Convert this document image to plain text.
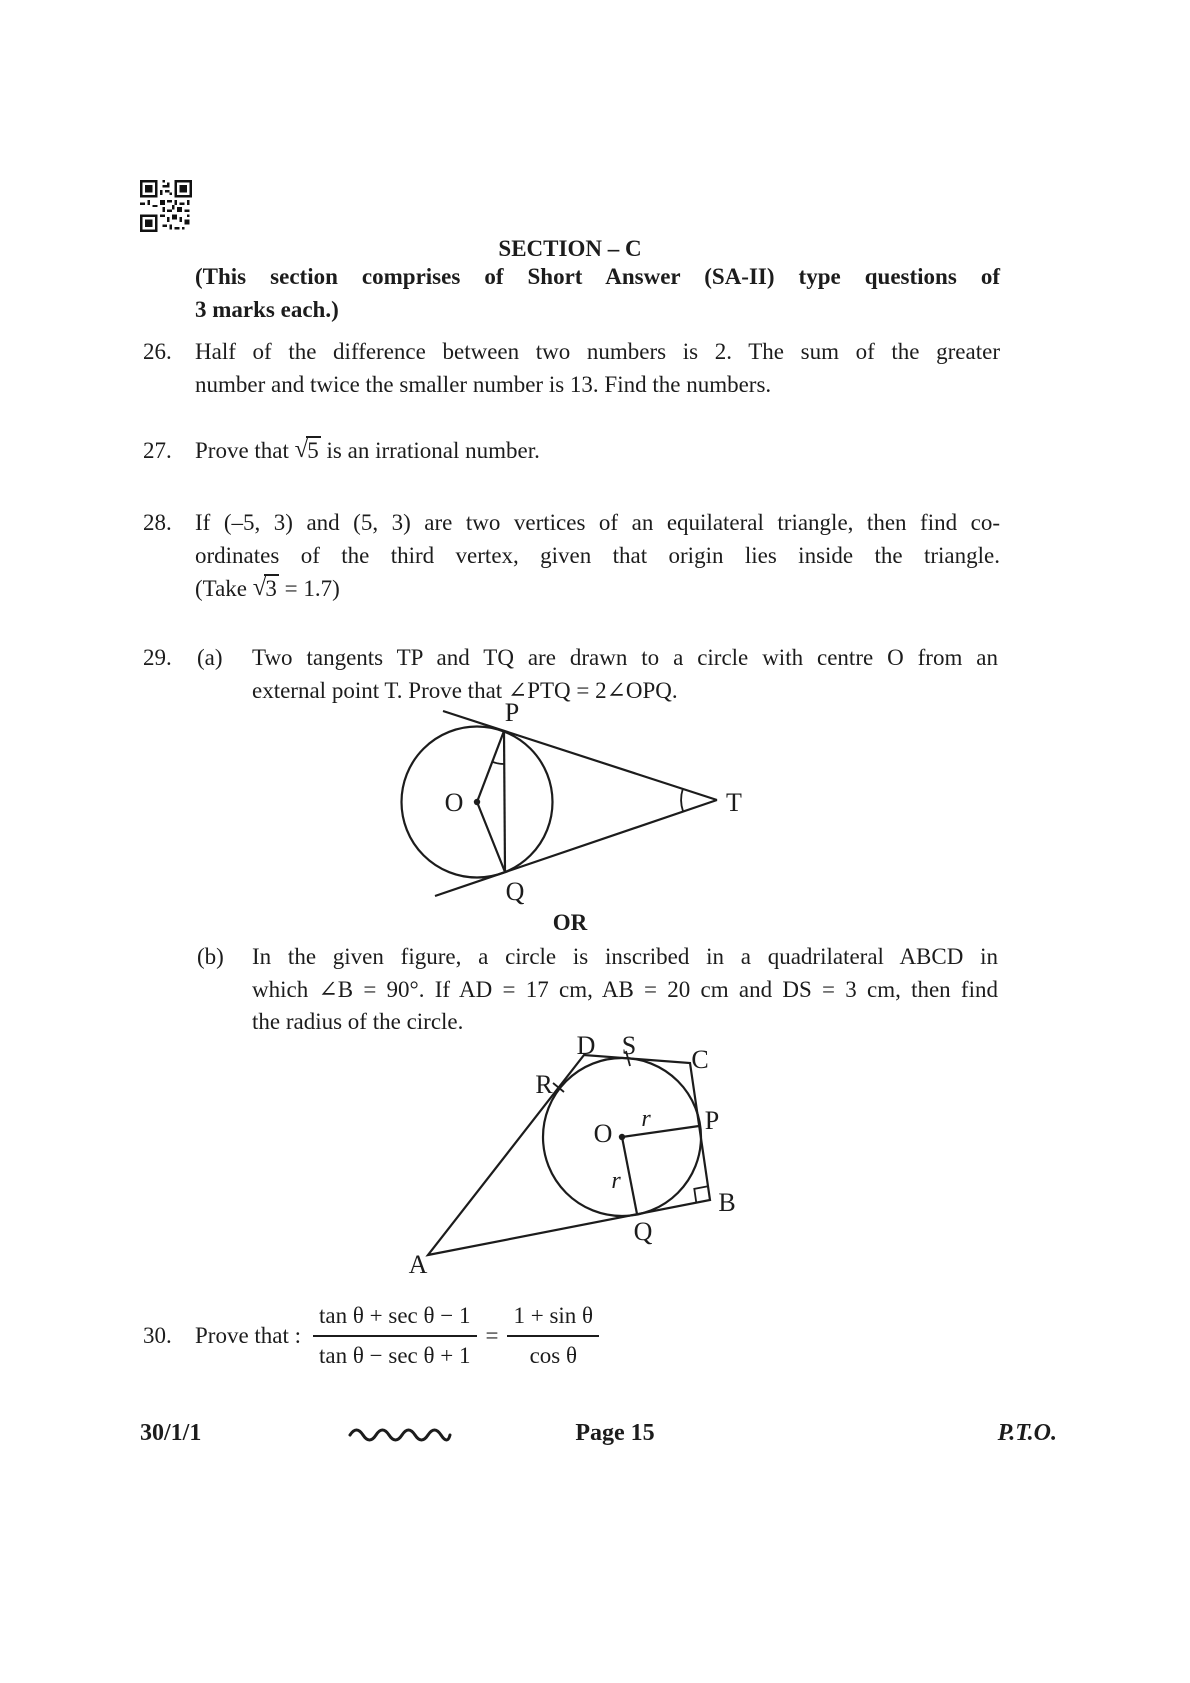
SECTION – C
(This section comprises of Short Answer (SA-II) type questions of
3 marks each.)
26.	Half of the difference between two numbers is 2. The sum of the greater
number and twice the smaller number is 13. Find the numbers.
27.	Prove that √5 is an irrational number.
28.	If (–5, 3) and (5, 3) are two vertices of an equilateral triangle, then find co-
ordinates of the third vertex, given that origin lies inside the triangle.
(Take √3 = 1.7)
29.	(a) Two tangents TP and TQ are drawn to a circle with centre O from an
external point T. Prove that ∠PTQ = 2∠OPQ.
P
Q
O	T
OR
(b) In the given figure, a circle is inscribed in a quadrilateral ABCD in
which ∠B = 90°. If AD = 17 cm, AB = 20 cm and DS = 3 cm, then find
the radius of the circle.
A
B
C
D S
R
O	P
Q
r
r
30.	Prove that : $\frac{\text{tan θ + sec θ − 1}}{\text{tan θ − sec θ + 1}} = \frac{\text{1 + sin θ}}{\text{cos θ}}$
30/1/1	Page 15	P.T.O.
